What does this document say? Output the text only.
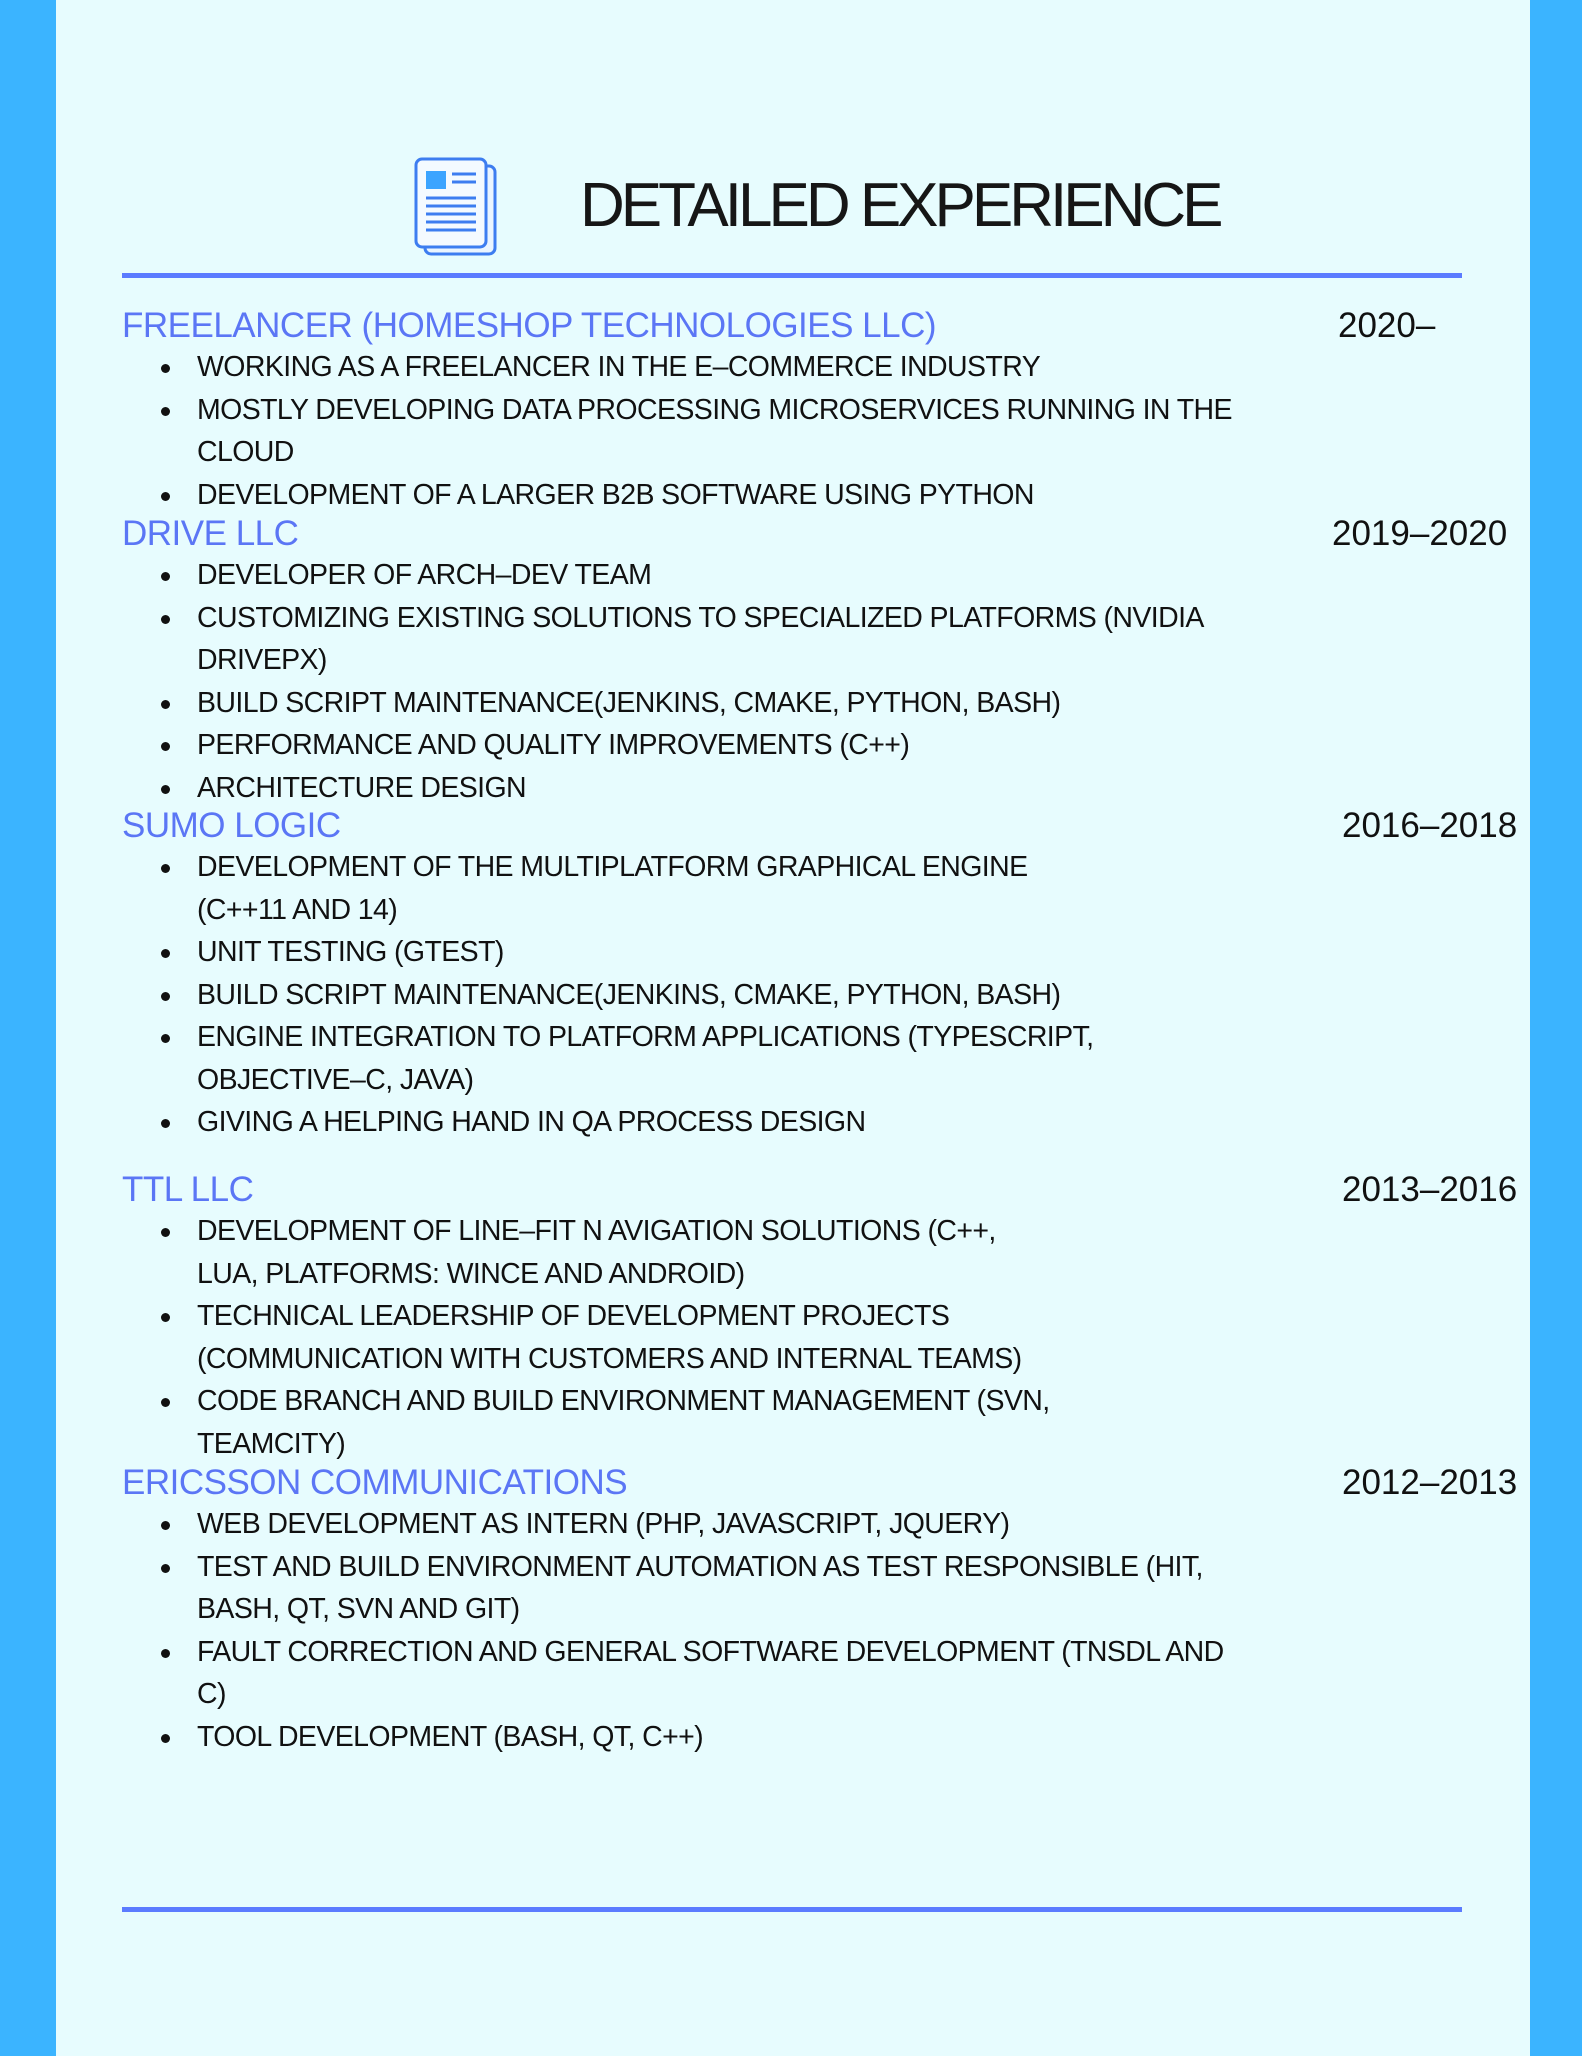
DETAILED EXPERIENCE
FREELANCER (HOMESHOP TECHNOLOGIES LLC)	2020–
WORKING AS A FREELANCER IN THE E–COMMERCE INDUSTRY
MOSTLY DEVELOPING DATA PROCESSING MICROSERVICES RUNNING IN THE CLOUD
DEVELOPMENT OF A LARGER B2B SOFTWARE USING PYTHON
DRIVE LLC	2019–2020
DEVELOPER OF ARCH–DEV TEAM
CUSTOMIZING EXISTING SOLUTIONS TO SPECIALIZED PLATFORMS (NVIDIA DRIVEPX)
BUILD SCRIPT MAINTENANCE(JENKINS, CMAKE, PYTHON, BASH)
PERFORMANCE AND QUALITY IMPROVEMENTS (C++)
ARCHITECTURE DESIGN
SUMO LOGIC	2016–2018
DEVELOPMENT OF THE MULTIPLATFORM GRAPHICAL ENGINE (C++11 AND 14)
UNIT TESTING (GTEST)
BUILD SCRIPT MAINTENANCE(JENKINS, CMAKE, PYTHON, BASH)
ENGINE INTEGRATION TO PLATFORM APPLICATIONS (TYPESCRIPT, OBJECTIVE–C, JAVA)
GIVING A HELPING HAND IN QA PROCESS DESIGN
TTL LLC	2013–2016
DEVELOPMENT OF LINE–FIT N AVIGATION SOLUTIONS (C++, LUA, PLATFORMS: WINCE AND ANDROID)
TECHNICAL LEADERSHIP OF DEVELOPMENT PROJECTS (COMMUNICATION WITH CUSTOMERS AND INTERNAL TEAMS)
CODE BRANCH AND BUILD ENVIRONMENT MANAGEMENT (SVN, TEAMCITY)
ERICSSON COMMUNICATIONS	2012–2013
WEB DEVELOPMENT AS INTERN (PHP, JAVASCRIPT, JQUERY)
TEST AND BUILD ENVIRONMENT AUTOMATION AS TEST RESPONSIBLE (HIT, BASH, QT, SVN AND GIT)
FAULT CORRECTION AND GENERAL SOFTWARE DEVELOPMENT (TNSDL AND C)
TOOL DEVELOPMENT (BASH, QT, C++)
